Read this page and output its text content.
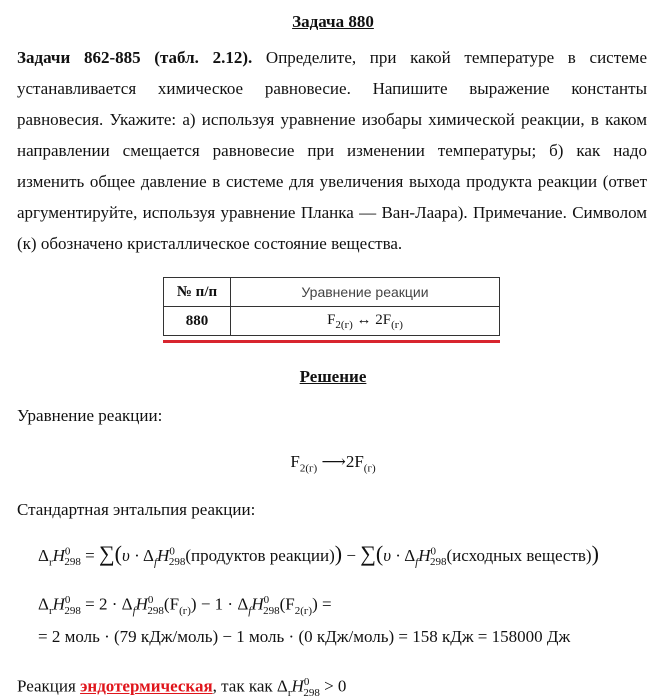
Задача 880
Задачи 862-885 (табл. 2.12). Определите, при какой температуре в системе устанавливается химическое равновесие. Напишите выражение константы равновесия. Укажите: а) используя уравнение изобары химической реакции, в каком направлении смещается равновесие при изменении температуры; б) как надо изменить общее давление в системе для увеличения выхода продукта реакции (ответ аргументируйте, используя уравнение Планка — Ван-Лаара). Примечание. Символом (к) обозначено кристаллическое состояние вещества.
№ п/п	Уравнение реакции
880	$F_{2(г)}$ ↔ $2F_{(г)}$
Решение
Уравнение реакции:
$F_{2(г)}$ $⟶2F_{(г)}$
Стандартная энтальпия реакции:
$\Delta_rH^0_{298} = \sum(\upsilon$ · $\Delta_fH^0_{298}(продуктов$ реакции)) − $\sum(\upsilon \cdot \Delta_fH^0_{298}(исходных$ веществ))
$\Delta_rH^0_{298} = 2 \cdot \Delta_fH^0_{298}(F_{(г)}) - 1 \cdot \Delta_fH^0_{298}(F_{2(г)})$ =
= 2 моль · (79 кДж/моль) − 1 моль · (0 кДж/моль) = 158 кДж = 158000 Дж
Реакция эндотермическая, так как $\Delta_rH^0_{298} > 0$
